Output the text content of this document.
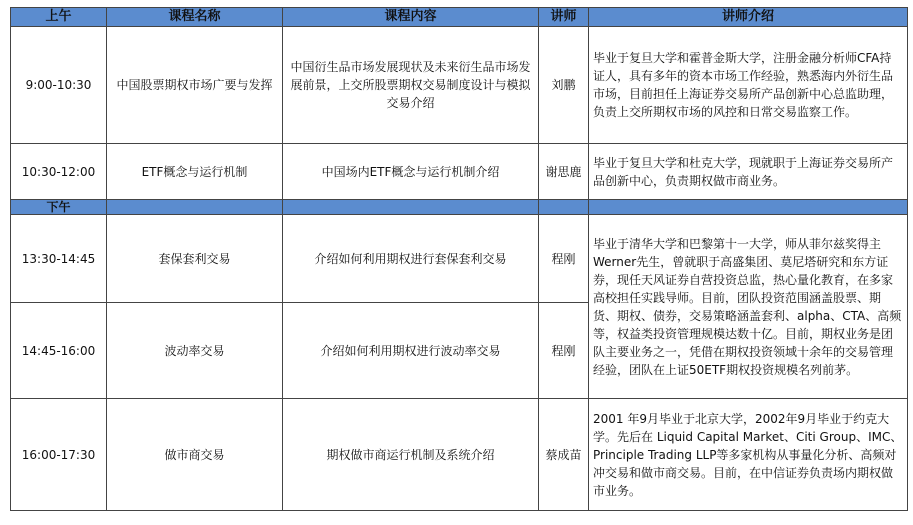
上午	课程名称	课程内容	讲师	讲师介绍
9:00-10:30	中国股票期权市场广要与发挥	中国衍生品市场发展现状及未来衍生品市场发展前景，上交所股票期权交易制度设计与模拟交易介绍	刘鹏	毕业于复旦大学和霍普金斯大学，注册金融分析师CFA持证人，具有多年的资本市场工作经验，熟悉海内外衍生品市场，目前担任上海证券交易所产品创新中心总监助理，负责上交所期权市场的风控和日常交易监察工作。
10:30-12:00	ETF概念与运行机制	中国场内ETF概念与运行机制介绍	谢思鹿	毕业于复旦大学和杜克大学，现就职于上海证券交易所产品创新中心，负责期权做市商业务。
下午				
13:30-14:45	套保套利交易	介绍如何利用期权进行套保套利交易	程刚	毕业于清华大学和巴黎第十一大学，师从菲尔兹奖得主Werner先生，曾就职于高盛集团、莫尼塔研究和东方证券，现任天风证券自营投资总监，热心量化教育，在多家高校担任实践导师。目前，团队投资范围涵盖股票、期货、期权、债券，交易策略涵盖套利、alpha、CTA、高频等，权益类投资管理规模达数十亿。目前，期权业务是团队主要业务之一，凭借在期权投资领域十余年的交易管理经验，团队在上证50ETF期权投资规模名列前茅。
14:45-16:00	波动率交易	介绍如何利用期权进行波动率交易	程刚	
16:00-17:30	做市商交易	期权做市商运行机制及系统介绍	蔡成苗	2001 年9月毕业于北京大学，2002年9月毕业于约克大学。先后在 Liquid Capital Market、Citi Group、IMC、Principle Trading LLP等多家机构从事量化分析、高频对冲交易和做市商交易。目前，在中信证券负责场内期权做市业务。
